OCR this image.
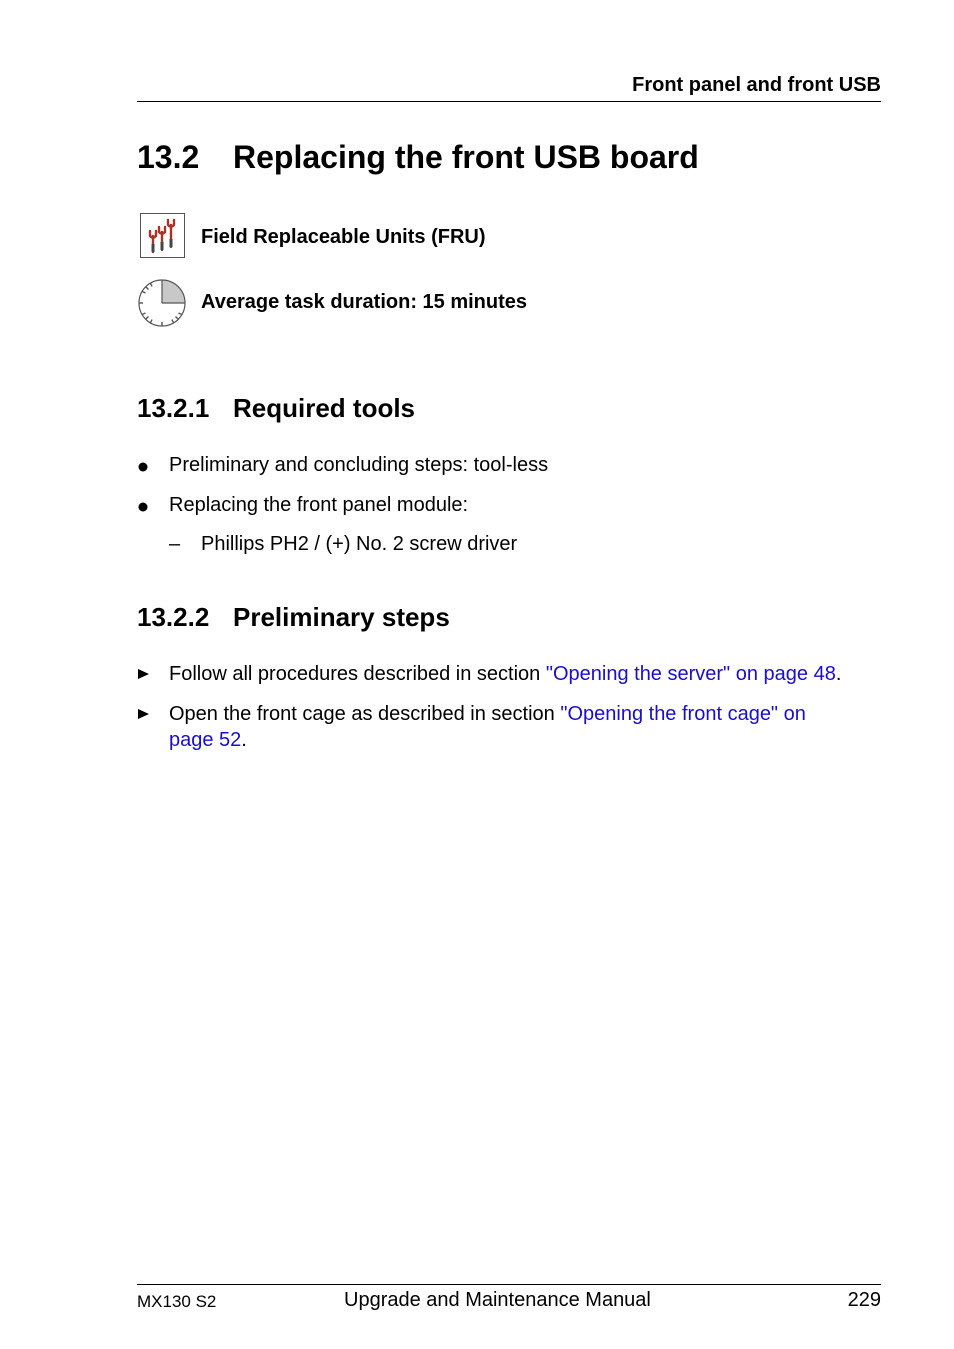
Front panel and front USB
13.2 Replacing the front USB board
Field Replaceable Units (FRU)
Average task duration: 15 minutes
13.2.1 Required tools
Preliminary and concluding steps: tool-less
Replacing the front panel module:
– Phillips PH2 / (+) No. 2 screw driver
13.2.2 Preliminary steps
Follow all procedures described in section "Opening the server" on page 48.
Open the front cage as described in section "Opening the front cage" on
page 52.
MX130 S2	Upgrade and Maintenance Manual	229
